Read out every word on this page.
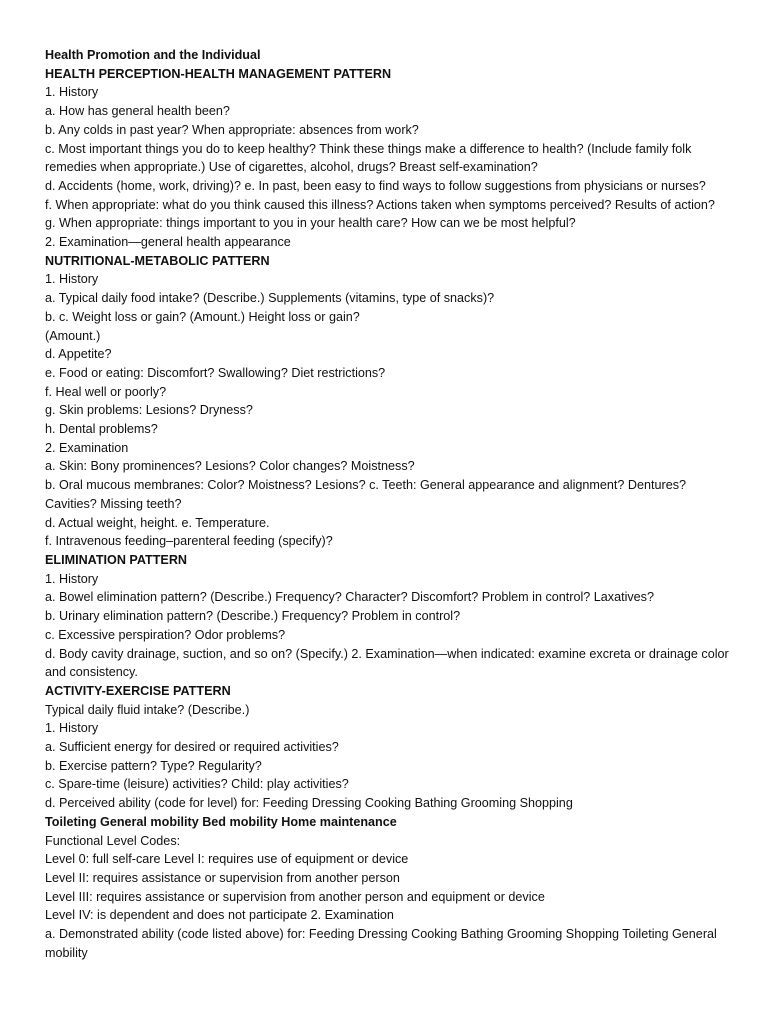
Health Promotion and the Individual

HEALTH PERCEPTION-HEALTH MANAGEMENT PATTERN

1. History

a. How has general health been?

b. Any colds in past year? When appropriate: absences from work?

c. Most important things you do to keep healthy? Think these things make a difference to health? (Include family folk remedies when appropriate.) Use of cigarettes, alcohol, drugs? Breast self-examination?

d. Accidents (home, work, driving)? e. In past, been easy to find ways to follow suggestions from physicians or nurses?

f. When appropriate: what do you think caused this illness? Actions taken when symptoms perceived? Results of action?

g. When appropriate: things important to you in your health care? How can we be most helpful?

2. Examination—general health appearance

NUTRITIONAL-METABOLIC PATTERN

1. History

a. Typical daily food intake? (Describe.) Supplements (vitamins, type of snacks)?

b. c. Weight loss or gain? (Amount.) Height loss or gain?

(Amount.)

d. Appetite?

e. Food or eating: Discomfort? Swallowing? Diet restrictions?

f. Heal well or poorly?

g. Skin problems: Lesions? Dryness?

h. Dental problems?

2. Examination

a. Skin: Bony prominences? Lesions? Color changes? Moistness?

b. Oral mucous membranes: Color? Moistness? Lesions? c. Teeth: General appearance and alignment? Dentures? Cavities? Missing teeth?

d. Actual weight, height. e. Temperature.

f. Intravenous feeding–parenteral feeding (specify)?

ELIMINATION PATTERN

1. History

a. Bowel elimination pattern? (Describe.) Frequency? Character? Discomfort? Problem in control? Laxatives?

b. Urinary elimination pattern? (Describe.) Frequency? Problem in control?

c. Excessive perspiration? Odor problems?

d. Body cavity drainage, suction, and so on? (Specify.) 2. Examination—when indicated: examine excreta or drainage color and consistency.

ACTIVITY-EXERCISE PATTERN

Typical daily fluid intake? (Describe.)

1. History

a. Sufficient energy for desired or required activities?

b. Exercise pattern? Type? Regularity?

c. Spare-time (leisure) activities? Child: play activities?

d. Perceived ability (code for level) for: Feeding Dressing Cooking Bathing Grooming Shopping

Toileting General mobility Bed mobility Home maintenance

Functional Level Codes:

Level 0: full self-care Level I: requires use of equipment or device

Level II: requires assistance or supervision from another person

Level III: requires assistance or supervision from another person and equipment or device

Level IV: is dependent and does not participate 2. Examination

a. Demonstrated ability (code listed above) for: Feeding Dressing Cooking Bathing Grooming Shopping Toileting General mobility
